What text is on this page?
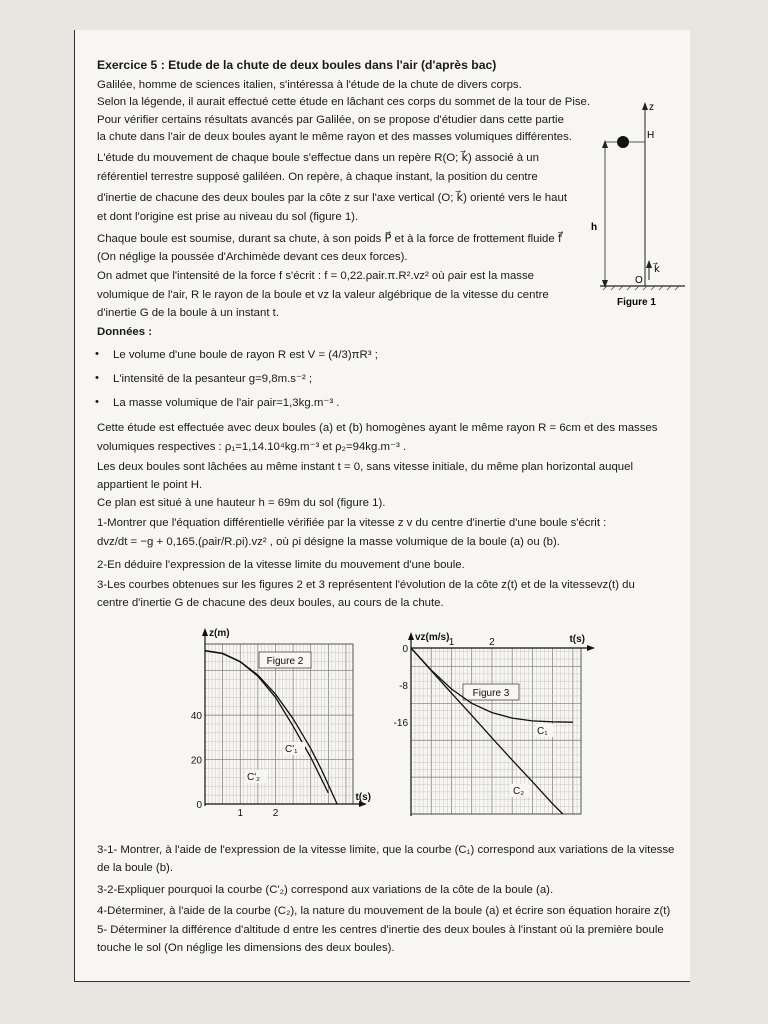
Exercice 5 : Etude de la chute de deux boules dans l'air (d'après bac)
Galilée, homme de sciences italien, s'intéressa à l'étude de la chute de divers corps.
Selon la légende, il aurait effectué cette étude en lâchant ces corps du sommet de la tour de Pise.
Pour vérifier certains résultats avancés par Galilée, on se propose d'étudier dans cette partie
la chute dans l'air de deux boules ayant le même rayon et des masses volumiques différentes.
L'étude du mouvement de chaque boule s'effectue dans un repère R(O; k⃗) associé à un
référentiel terrestre supposé galiléen. On repère, à chaque instant, la position du centre
d'inertie de chacune des deux boules par la côte z sur l'axe vertical (O; k⃗) orienté vers le haut
et dont l'origine est prise au niveau du sol (figure 1).
Chaque boule est soumise, durant sa chute, à son poids P⃗ et à la force de frottement fluide f⃗
(On néglige la poussée d'Archimède devant ces deux forces).
On admet que l'intensité de la force f s'écrit : f = 0,22.ρair.π.R².vz² où ρair est la masse
volumique de l'air, R le rayon de la boule et vz la valeur algébrique de la vitesse du centre
d'inertie G de la boule à un instant t.
Données :
• Le volume d'une boule de rayon R est V = (4/3)πR³ ;
• L'intensité de la pesanteur g=9,8m.s⁻² ;
• La masse volumique de l'air ρair=1,3kg.m⁻³ .
Cette étude est effectuée avec deux boules (a) et (b) homogènes ayant le même rayon R = 6cm et des masses
volumiques respectives : ρ₁=1,14.10⁴kg.m⁻³ et ρ₂=94kg.m⁻³ .
Les deux boules sont lâchées au même instant t = 0, sans vitesse initiale, du même plan horizontal auquel
appartient le point H.
Ce plan est situé à une hauteur h = 69m du sol (figure 1).
1-Montrer que l'équation différentielle vérifiée par la vitesse z v du centre d'inertie d'une boule s'écrit :
dvz/dt = −g + 0,165.(ρair/R.ρi).vz² , où ρi désigne la masse volumique de la boule (a) ou (b).
2-En déduire l'expression de la vitesse limite du mouvement d'une boule.
3-Les courbes obtenues sur les figures 2 et 3 représentent l'évolution de la côte z(t) et de la vitessevz(t) du
centre d'inertie G de chacune des deux boules, au cours de la chute.
z
H
h
O
k⃗
Figure 1
z(m)
t(s)
1	2
0
20
40
Figure 2
C'₁
C'₂
vz(m/s)	t(s)
1	2
0
-8
-16
Figure 3
C₁
C₂
3-1- Montrer, à l'aide de l'expression de la vitesse limite, que la courbe (C₁) correspond aux variations de la vitesse
de la boule (b).
3-2-Expliquer pourquoi la courbe (C'₂) correspond aux variations de la côte de la boule (a).
4-Déterminer, à l'aide de la courbe (C₂), la nature du mouvement de la boule (a) et écrire son équation horaire z(t)
5- Déterminer la différence d'altitude d entre les centres d'inertie des deux boules à l'instant où la première boule
touche le sol (On néglige les dimensions des deux boules).
